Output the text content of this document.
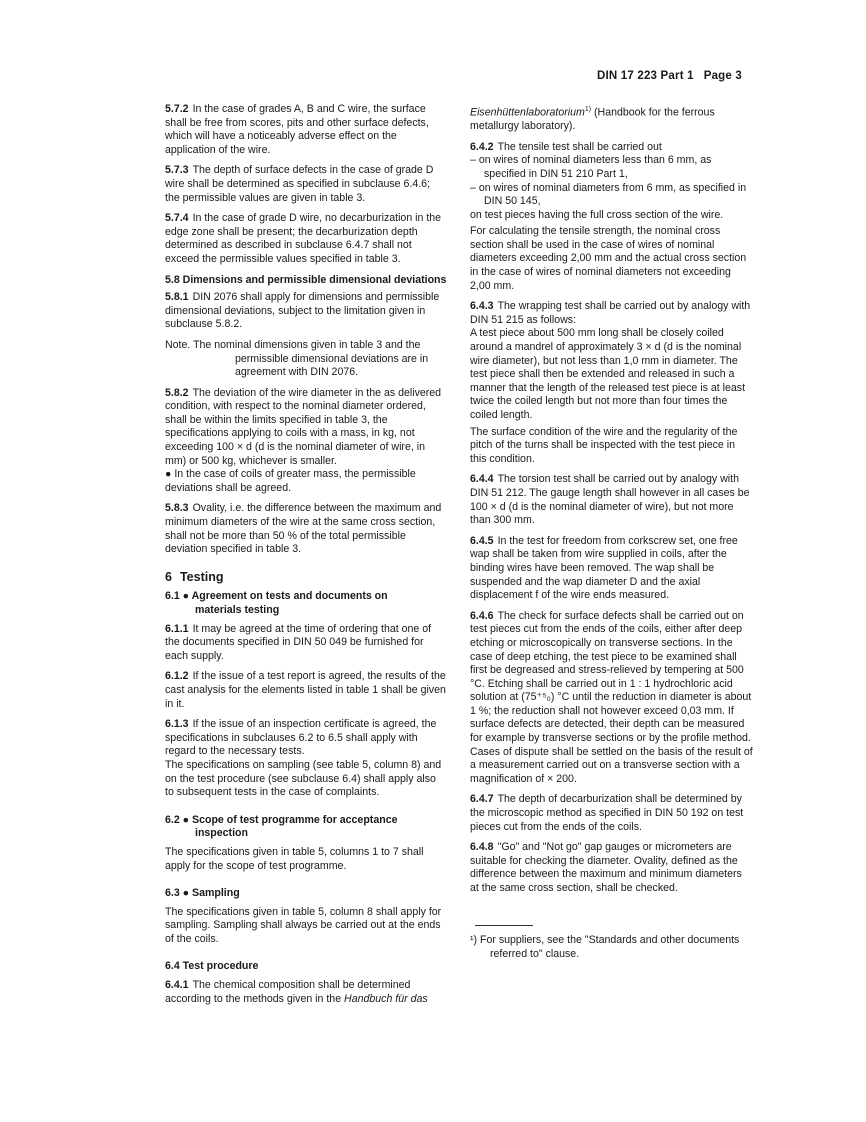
DIN 17 223 Part 1 Page 3

5.7.2 In the case of grades A, B and C wire, the surface shall be free from scores, pits and other surface defects, which will have a noticeably adverse effect on the application of the wire.

5.7.3 The depth of surface defects in the case of grade D wire shall be determined as specified in subclause 6.4.6; the permissible values are given in table 3.

5.7.4 In the case of grade D wire, no decarburization in the edge zone shall be present; the decarburization depth determined as described in subclause 6.4.7 shall not exceed the permissible values specified in table 3.

5.8 Dimensions and permissible dimensional deviations

5.8.1 DIN 2076 shall apply for dimensions and permissible dimensional deviations, subject to the limitation given in subclause 5.8.2.

Note. The nominal dimensions given in table 3 and the
permissible dimensional deviations are in agreement with DIN 2076.

5.8.2 The deviation of the wire diameter in the as delivered condition, with respect to the nominal diameter ordered, shall be within the limits specified in table 3, the specifications applying to coils with a mass, in kg, not exceeding 100 × d (d is the nominal diameter of wire, in mm) or 500 kg, whichever is smaller.

● In the case of coils of greater mass, the permissible deviations shall be agreed.

5.8.3 Ovality, i.e. the difference between the maximum and minimum diameters of the wire at the same cross section, shall not be more than 50 % of the total permissible deviation specified in table 3.

6 Testing
6.1 ● Agreement on tests and documents on
materials testing

6.1.1 It may be agreed at the time of ordering that one of the documents specified in DIN 50 049 be furnished for each supply.

6.1.2 If the issue of a test report is agreed, the results of the cast analysis for the elements listed in table 1 shall be given in it.

6.1.3 If the issue of an inspection certificate is agreed, the specifications in subclauses 6.2 to 6.5 shall apply with regard to the necessary tests.

The specifications on sampling (see table 5, column 8) and on the test procedure (see subclause 6.4) shall apply also to subsequent tests in the case of complaints.

6.2 ● Scope of test programme for acceptance
inspection

The specifications given in table 5, columns 1 to 7 shall apply for the scope of test programme.

6.3 ● Sampling

The specifications given in table 5, column 8 shall apply for sampling. Sampling shall always be carried out at the ends of the coils.

6.4 Test procedure

6.4.1 The chemical composition shall be determined according to the methods given in the Handbuch für das

Eisenhüttenlaboratorium$^{1)}$ (Handbook for the ferrous metallurgy laboratory).

6.4.2 The tensile test shall be carried out

– on wires of nominal diameters less than 6 mm, as specified in DIN 51 210 Part 1,

– on wires of nominal diameters from 6 mm, as specified in DIN 50 145,

on test pieces having the full cross section of the wire.

For calculating the tensile strength, the nominal cross section shall be used in the case of wires of nominal diameters exceeding 2,00 mm and the actual cross section in the case of wires of nominal diameters not exceeding 2,00 mm.

6.4.3 The wrapping test shall be carried out by analogy with DIN 51 215 as follows:

A test piece about 500 mm long shall be closely coiled around a mandrel of approximately 3 × d (d is the nominal wire diameter), but not less than 1,0 mm in diameter. The test piece shall then be extended and released in such a manner that the length of the released test piece is at least twice the coiled length but not more than four times the coiled length.

The surface condition of the wire and the regularity of the pitch of the turns shall be inspected with the test piece in this condition.

6.4.4 The torsion test shall be carried out by analogy with DIN 51 212. The gauge length shall however in all cases be 100 × d (d is the nominal diameter of wire), but not more than 300 mm.

6.4.5 In the test for freedom from corkscrew set, one free wap shall be taken from wire supplied in coils, after the binding wires have been removed. The wap shall be suspended and the wap diameter D and the axial displacement f of the wire ends measured.

6.4.6 The check for surface defects shall be carried out on test pieces cut from the ends of the coils, either after deep etching or microscopically on transverse sections. In the case of deep etching, the test piece to be examined shall first be degreased and stress-relieved by tempering at 500 °C. Etching shall be carried out in 1 : 1 hydrochloric acid solution at (75⁺⁵₀) °C until the reduction in diameter is about 1 %; the reduction shall not however exceed 0,03 mm. If surface defects are detected, their depth can be measured for example by transverse sections or by the profile method. Cases of dispute shall be settled on the basis of the result of a measurement carried out on a transverse section with a magnification of × 200.

6.4.7 The depth of decarburization shall be determined by the microscopic method as specified in DIN 50 192 on test pieces cut from the ends of the coils.

6.4.8 "Go" and "Not go" gap gauges or micrometers are suitable for checking the diameter. Ovality, defined as the difference between the maximum and minimum diameters at the same cross section, shall be checked.

¹) For suppliers, see the "Standards and other documents referred to" clause.
